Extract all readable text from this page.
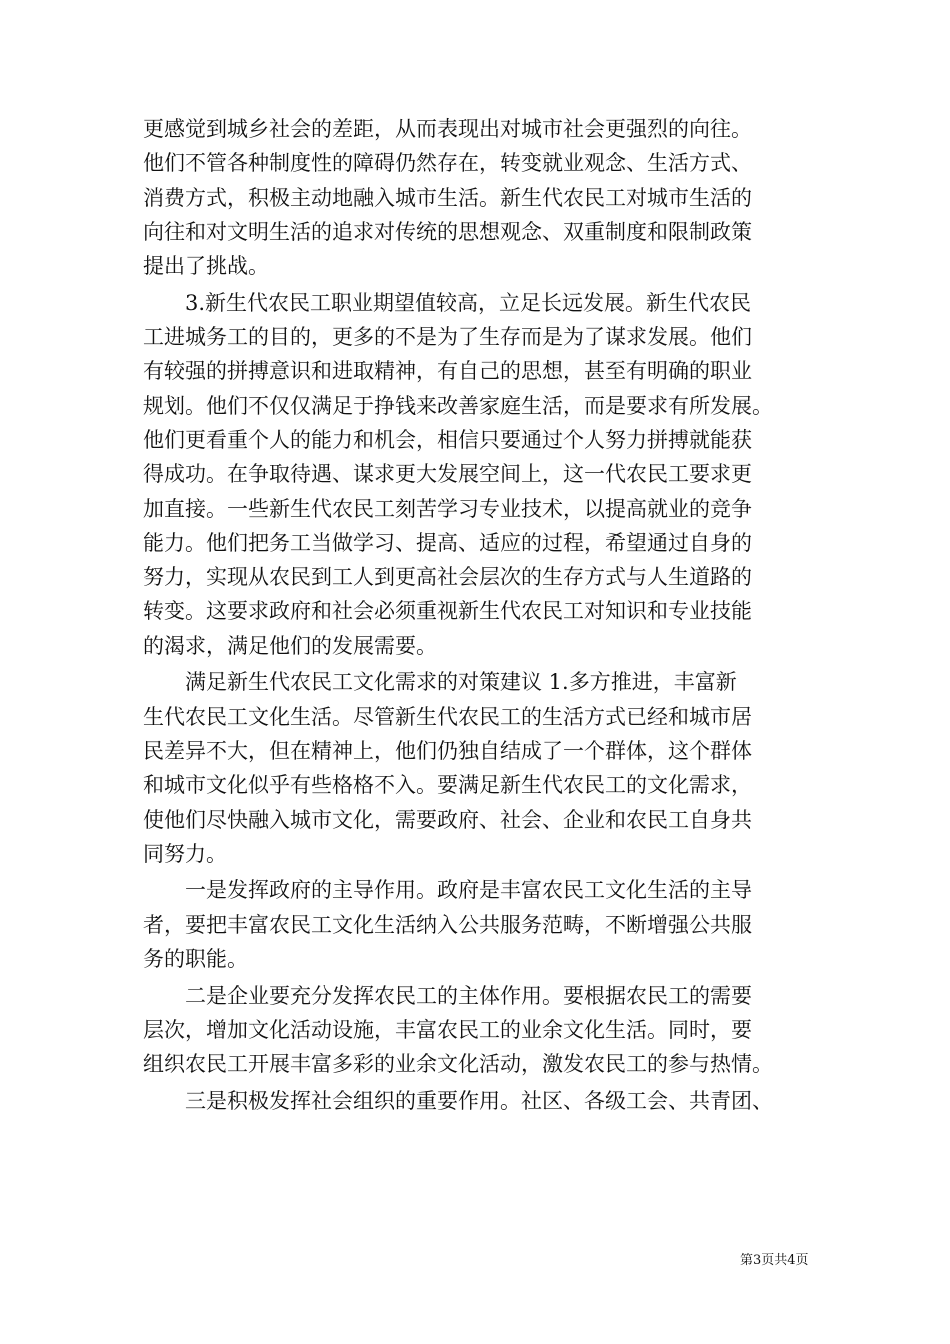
更感觉到城乡社会的差距，从而表现出对城市社会更强烈的向往。
他们不管各种制度性的障碍仍然存在，转变就业观念、生活方式、
消费方式，积极主动地融入城市生活。新生代农民工对城市生活的
向往和对文明生活的追求对传统的思想观念、双重制度和限制政策
提出了挑战。
3.新生代农民工职业期望值较高，立足长远发展。新生代农民
工进城务工的目的，更多的不是为了生存而是为了谋求发展。他们
有较强的拼搏意识和进取精神，有自己的思想，甚至有明确的职业
规划。他们不仅仅满足于挣钱来改善家庭生活，而是要求有所发展。
他们更看重个人的能力和机会，相信只要通过个人努力拼搏就能获
得成功。在争取待遇、谋求更大发展空间上，这一代农民工要求更
加直接。一些新生代农民工刻苦学习专业技术，以提高就业的竞争
能力。他们把务工当做学习、提高、适应的过程，希望通过自身的
努力，实现从农民到工人到更高社会层次的生存方式与人生道路的
转变。这要求政府和社会必须重视新生代农民工对知识和专业技能
的渴求，满足他们的发展需要。
满足新生代农民工文化需求的对策建议 1.多方推进，丰富新
生代农民工文化生活。尽管新生代农民工的生活方式已经和城市居
民差异不大，但在精神上，他们仍独自结成了一个群体，这个群体
和城市文化似乎有些格格不入。要满足新生代农民工的文化需求，
使他们尽快融入城市文化，需要政府、社会、企业和农民工自身共
同努力。
一是发挥政府的主导作用。政府是丰富农民工文化生活的主导
者，要把丰富农民工文化生活纳入公共服务范畴，不断增强公共服
务的职能。
二是企业要充分发挥农民工的主体作用。要根据农民工的需要
层次，增加文化活动设施，丰富农民工的业余文化生活。同时，要
组织农民工开展丰富多彩的业余文化活动，激发农民工的参与热情。
三是积极发挥社会组织的重要作用。社区、各级工会、共青团、
第3页共4页
